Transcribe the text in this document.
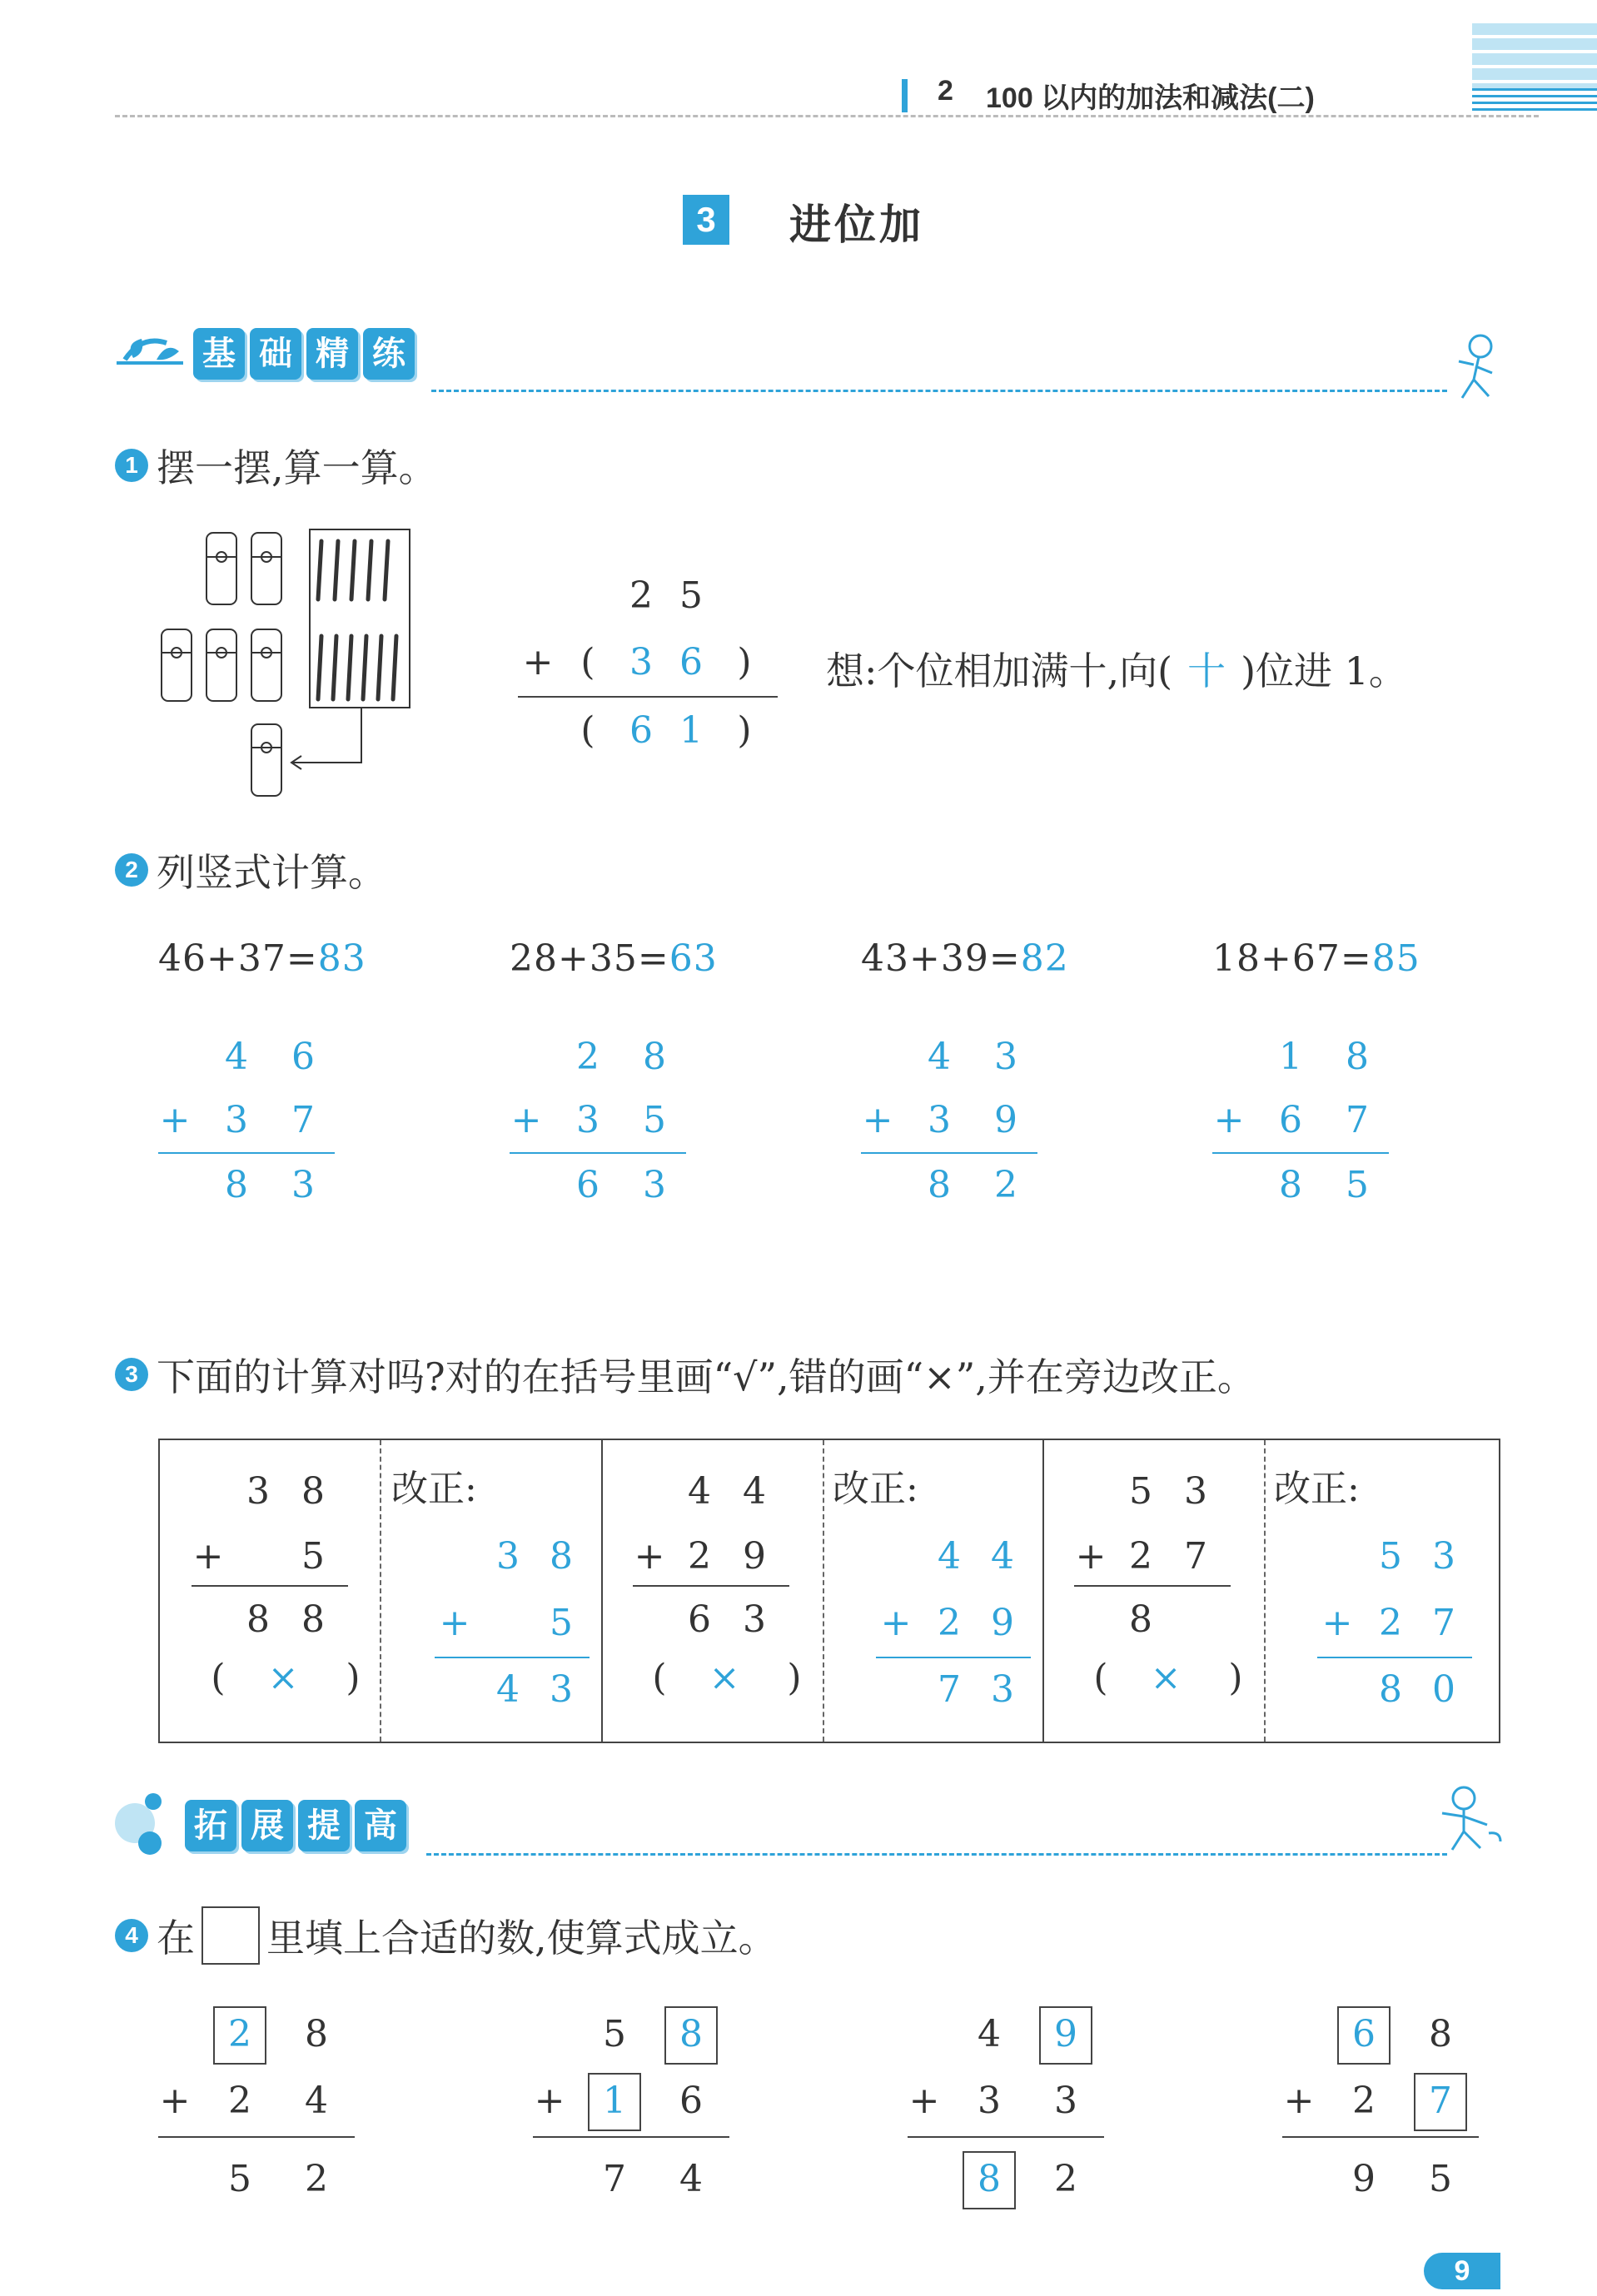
2 100 以内的加法和减法(二)
3	进位加
基 础 精 练
1 摆一摆,算一算。
2 5
+ ( 3 6 )
( 6 1 )
想:个位相加满十,向( 十 )位进 1。
2 列竖式计算。
46+37=83
4 6
+ 3 7
8 3
28+35=63
2 8
+ 3 5
6 3
43+39=82
4 3
+ 3 9
8 2
18+67=85
1 8
+ 6 7
8 5
3 下面的计算对吗?对的在括号里画“√”,错的画“×”,并在旁边改正。
3 8
+ 5
8 8
( × )
改正:
3 8
+ 5
4 3
4 4
+ 2 9
6 3
( × )
改正:
4 4
+ 2 9
7 3
5 3
+ 2 7
8
( × )
改正:
5 3
+ 2 7
8 0
拓 展 提 高
4 在 里填上合适的数,使算式成立。
2 8
2 4
5 2
+
5 8
1 6
7 4
+
4 9
3 3
8 2
+
6 8
2 7
9 5
+
9
